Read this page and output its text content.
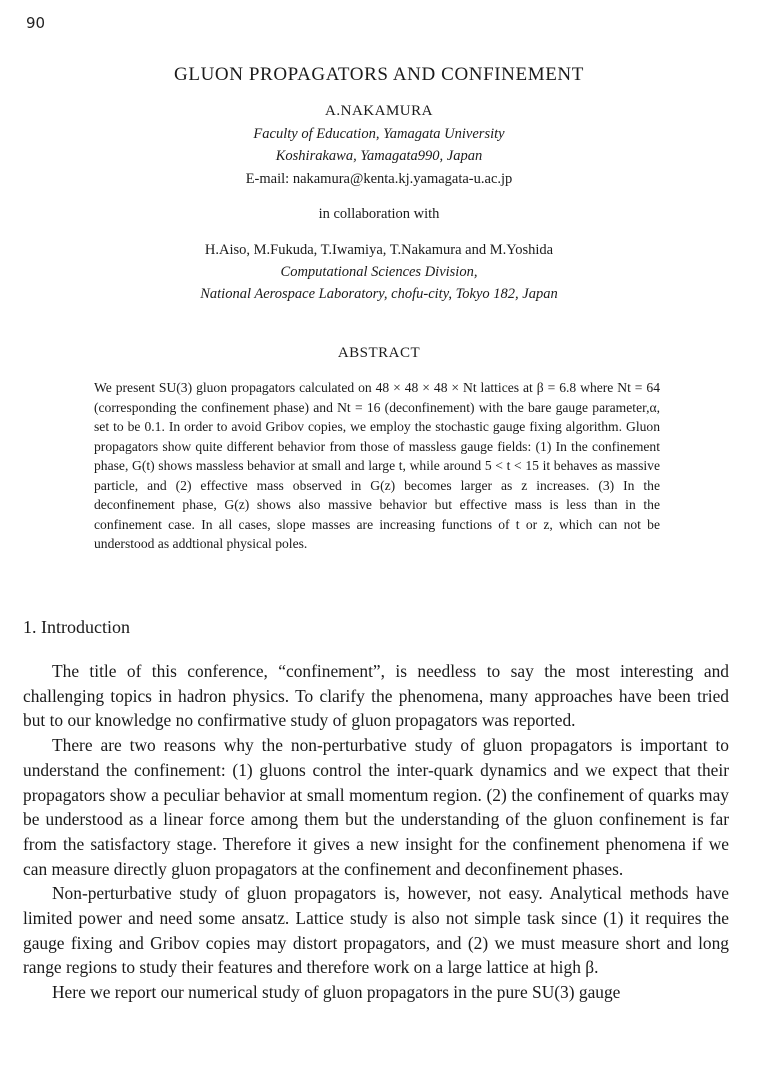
90
GLUON PROPAGATORS AND CONFINEMENT
A.NAKAMURA
Faculty of Education, Yamagata University
Koshirakawa, Yamagata990, Japan
E-mail: nakamura@kenta.kj.yamagata-u.ac.jp
in collaboration with
H.Aiso, M.Fukuda, T.Iwamiya, T.Nakamura and M.Yoshida
Computational Sciences Division,
National Aerospace Laboratory, chofu-city, Tokyo 182, Japan
ABSTRACT

We present SU(3) gluon propagators calculated on 48 × 48 × 48 × Nt lattices at β = 6.8 where Nt = 64 (corresponding the confinement phase) and Nt = 16 (deconfinement) with the bare gauge parameter,α, set to be 0.1. In order to avoid Gribov copies, we employ the stochastic gauge fixing algorithm. Gluon propagators show quite different behavior from those of massless gauge fields: (1) In the confinement phase, G(t) shows massless behavior at small and large t, while around 5 < t < 15 it behaves as massive particle, and (2) effective mass observed in G(z) becomes larger as z increases. (3) In the deconfinement phase, G(z) shows also massive behavior but effective mass is less than in the confinement case. In all cases, slope masses are increasing functions of t or z, which can not be understood as addtional physical poles.

1. Introduction

The title of this conference, “confinement”, is needless to say the most interesting and challenging topics in hadron physics. To clarify the phenomena, many approaches have been tried but to our knowledge no confirmative study of gluon propagators was reported.

There are two reasons why the non-perturbative study of gluon propagators is important to understand the confinement: (1) gluons control the inter-quark dynamics and we expect that their propagators show a peculiar behavior at small momentum region. (2) the confinement of quarks may be understood as a linear force among them but the understanding of the gluon confinement is far from the satisfactory stage. Therefore it gives a new insight for the confinement phenomena if we can measure directly gluon propagators at the confinement and deconfinement phases.

Non-perturbative study of gluon propagators is, however, not easy. Analytical methods have limited power and need some ansatz. Lattice study is also not simple task since (1) it requires the gauge fixing and Gribov copies may distort propagators, and (2) we must measure short and long range regions to study their features and therefore work on a large lattice at high β.

Here we report our numerical study of gluon propagators in the pure SU(3) gauge
